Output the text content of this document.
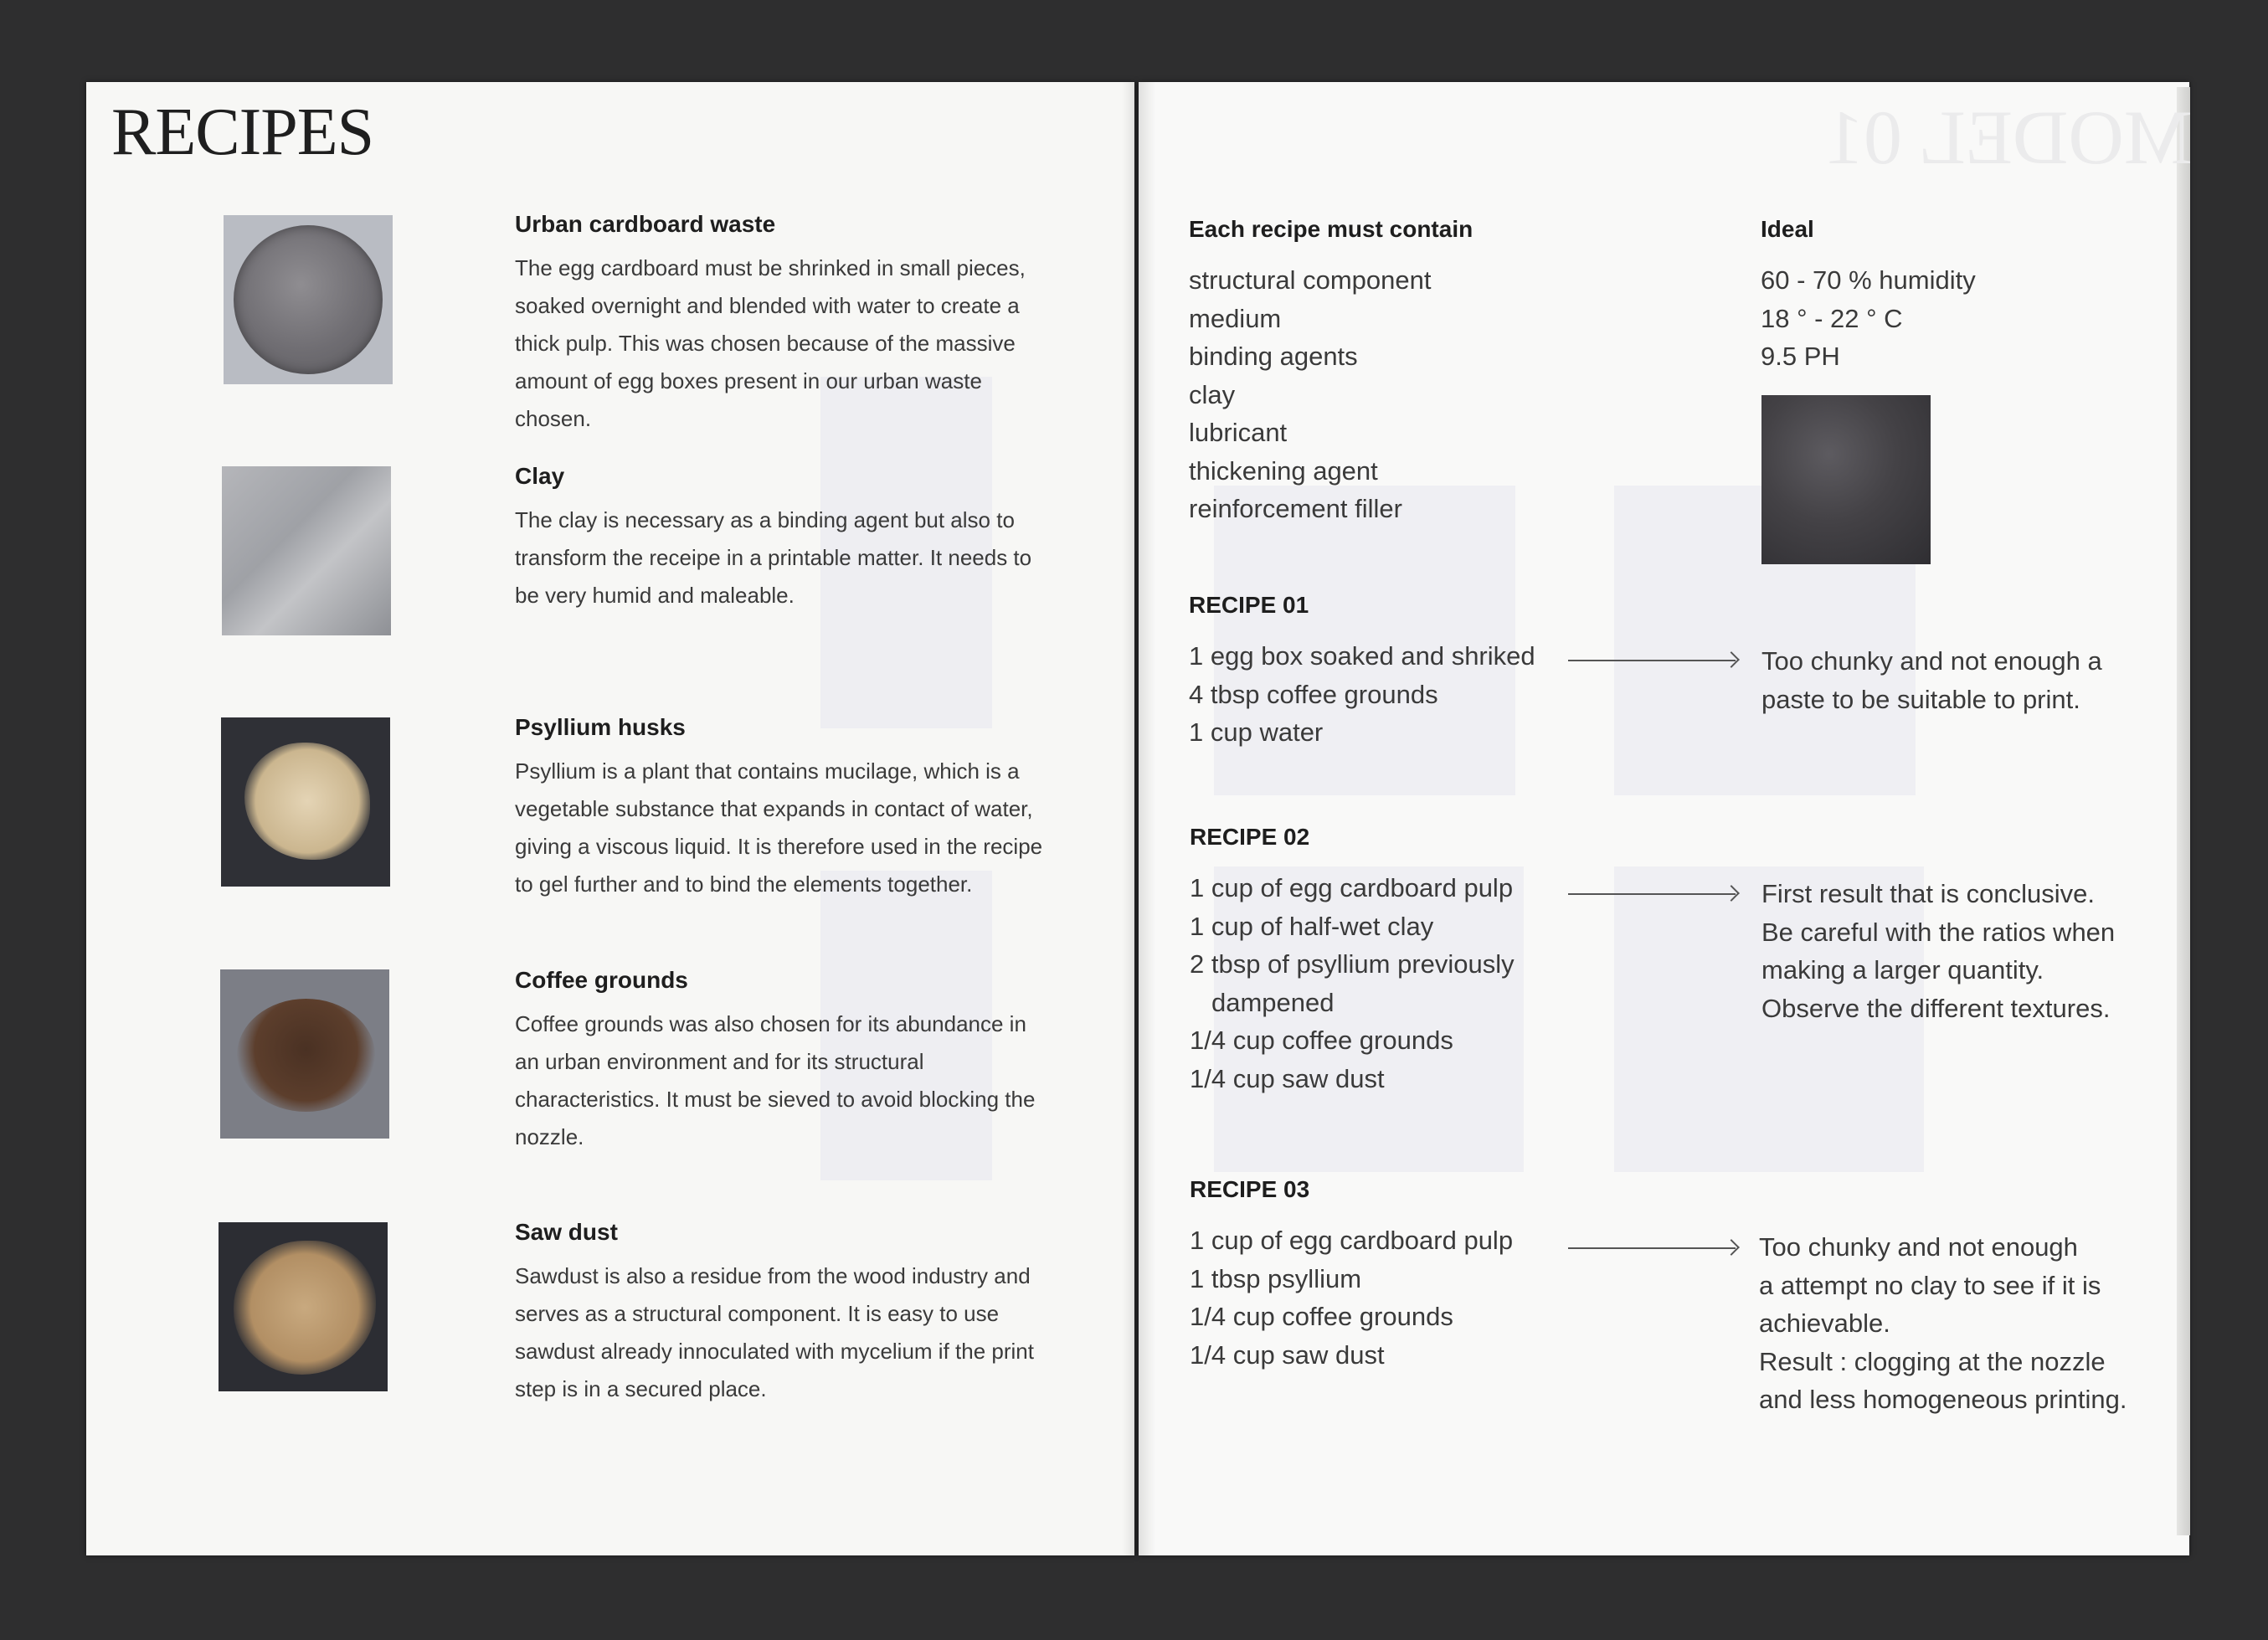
MODEL 01
RECIPES
Urban cardboard waste

The egg cardboard must be shrinked in small pieces, soaked overnight and blended with water to create a thick pulp. This was chosen because of the massive amount of egg boxes present in our urban waste chosen.

Clay

The clay is necessary as a binding agent but also to transform the receipe in a printable matter. It needs to be very humid and maleable.

Psyllium husks

Psyllium is a plant that contains mucilage, which is a vegetable substance that expands in contact of water, giving a viscous liquid. It is therefore used in the recipe to gel further and to bind the elements together.

Coffee grounds

Coffee grounds was also chosen for its abundance in an urban environment and for its structural characteristics. It must be sieved to avoid blocking the nozzle.

Saw dust

Sawdust is also a residue from the wood industry and serves as a structural component. It is easy to use sawdust already innoculated with mycelium if the print step is in a secured place.

Each recipe must contain
structural component
medium
binding agents
clay
lubricant
thickening agent
reinforcement filler
Ideal
60 - 70 % humidity
18 ° - 22 ° C
9.5 PH
RECIPE 01
1 egg box soaked and shriked
4 tbsp coffee grounds
1 cup water
Too chunky and not enough a
paste to be suitable to print.
RECIPE 02
1 cup of egg cardboard pulp
1 cup of half-wet clay
2 tbsp of psyllium previously
dampened
1/4 cup coffee grounds
1/4 cup saw dust
First result that is conclusive.
Be careful with the ratios when
making a larger quantity.
Observe the different textures.
RECIPE 03
1 cup of egg cardboard pulp
1 tbsp psyllium
1/4 cup coffee grounds
1/4 cup saw dust
Too chunky and not enough
a attempt no clay to see if it is
achievable.
Result : clogging at the nozzle
and less homogeneous printing.
